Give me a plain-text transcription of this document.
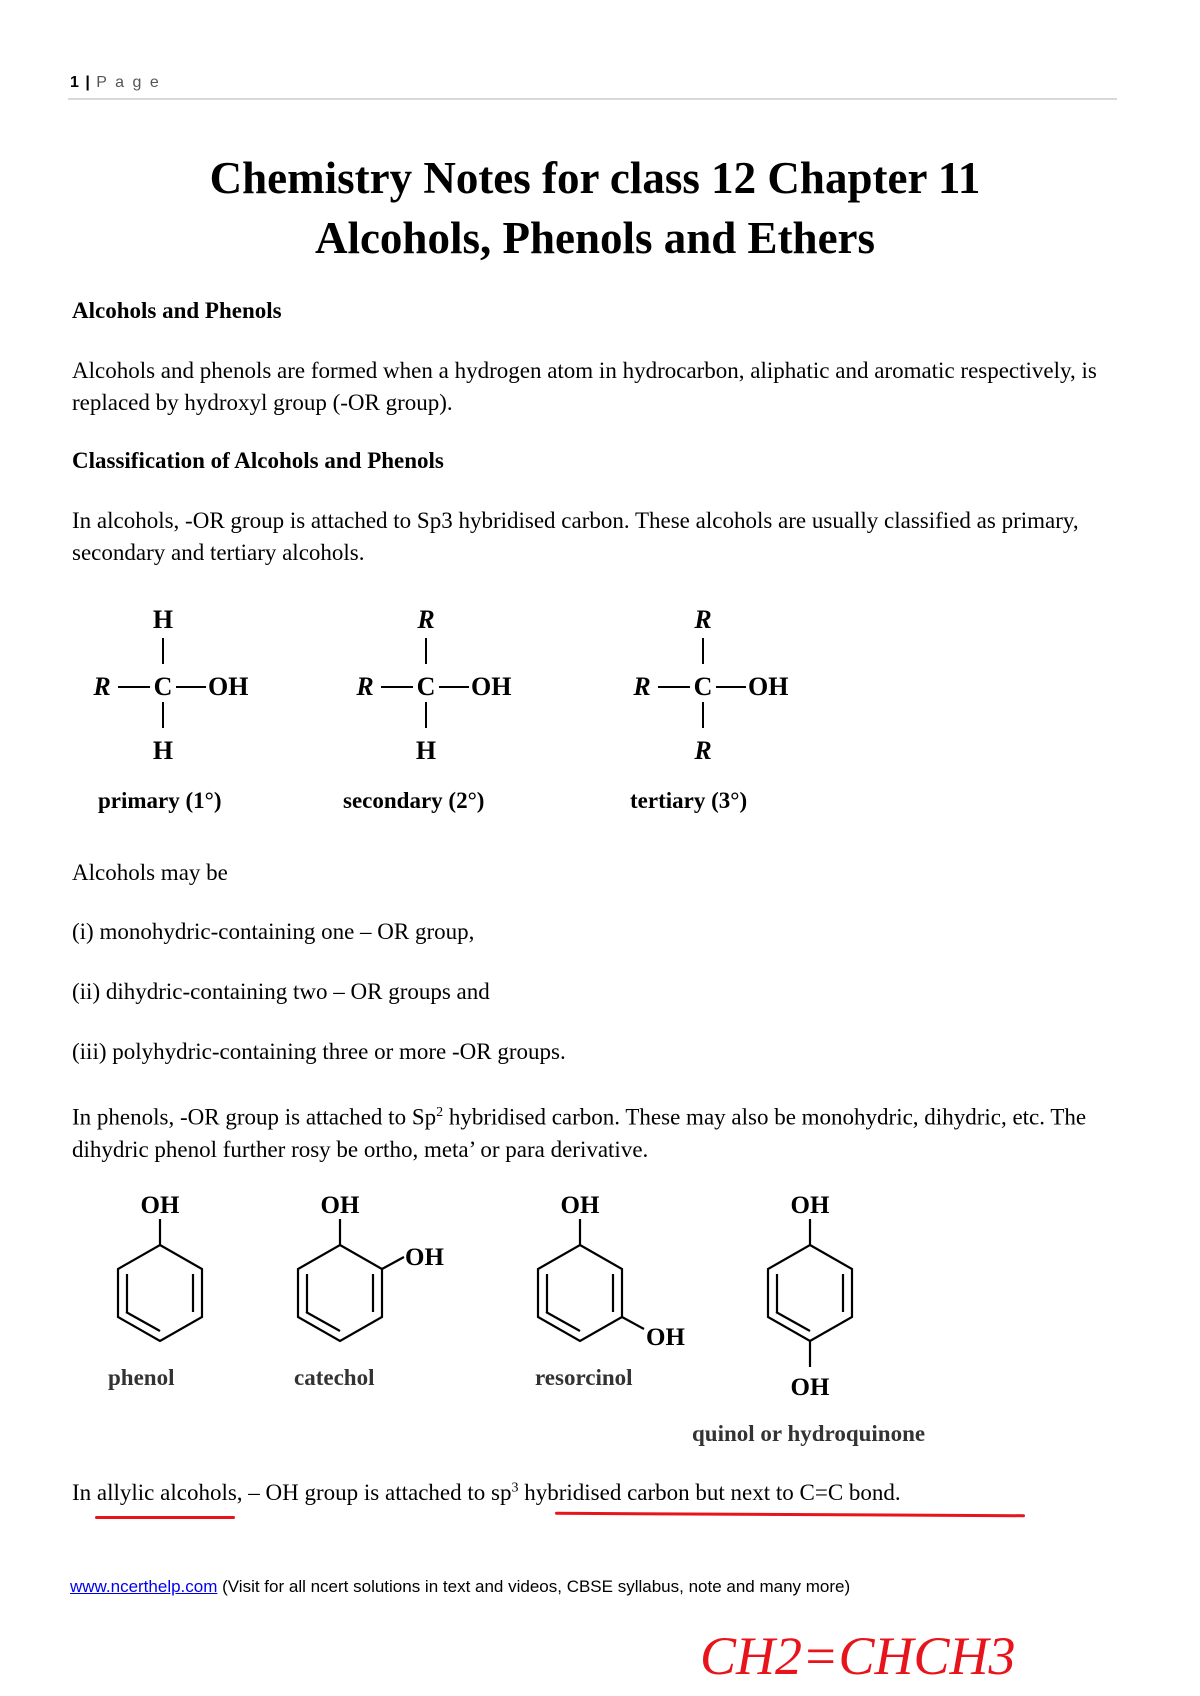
1 | P a g e
Chemistry Notes for class 12 Chapter 11
Alcohols, Phenols and Ethers
Alcohols and Phenols
Alcohols and phenols are formed when a hydrogen atom in hydrocarbon, aliphatic and aromatic respectively, is replaced by hydroxyl group (-OR group).
Classification of Alcohols and Phenols
In alcohols, -OR group is attached to Sp3 hybridised carbon. These alcohols are usually classified as primary, secondary and tertiary alcohols.
H
R C OH
H
primary (1°)
R
R C OH
H
secondary (2°)
R
R C OH
R
tertiary (3°)
Alcohols may be
(i) monohydric-containing one – OR group,
(ii) dihydric-containing two – OR groups and
(iii) polyhydric-containing three or more -OR groups.
In phenols, -OR group is attached to Sp$^2$ hybridised carbon. These may also be monohydric, dihydric, etc. The dihydric phenol further rosy be ortho, meta’ or para derivative.
OH	OH
OH
OH
OH
OH
OH
phenol	catechol	resorcinol
quinol or hydroquinone
In allylic alcohols, – OH group is attached to $sp^3$ hybridised carbon but next to C=C bond.
www.ncerthelp.com (Visit for all ncert solutions in text and videos, CBSE syllabus, note and many more)
CH2=CHCH3
